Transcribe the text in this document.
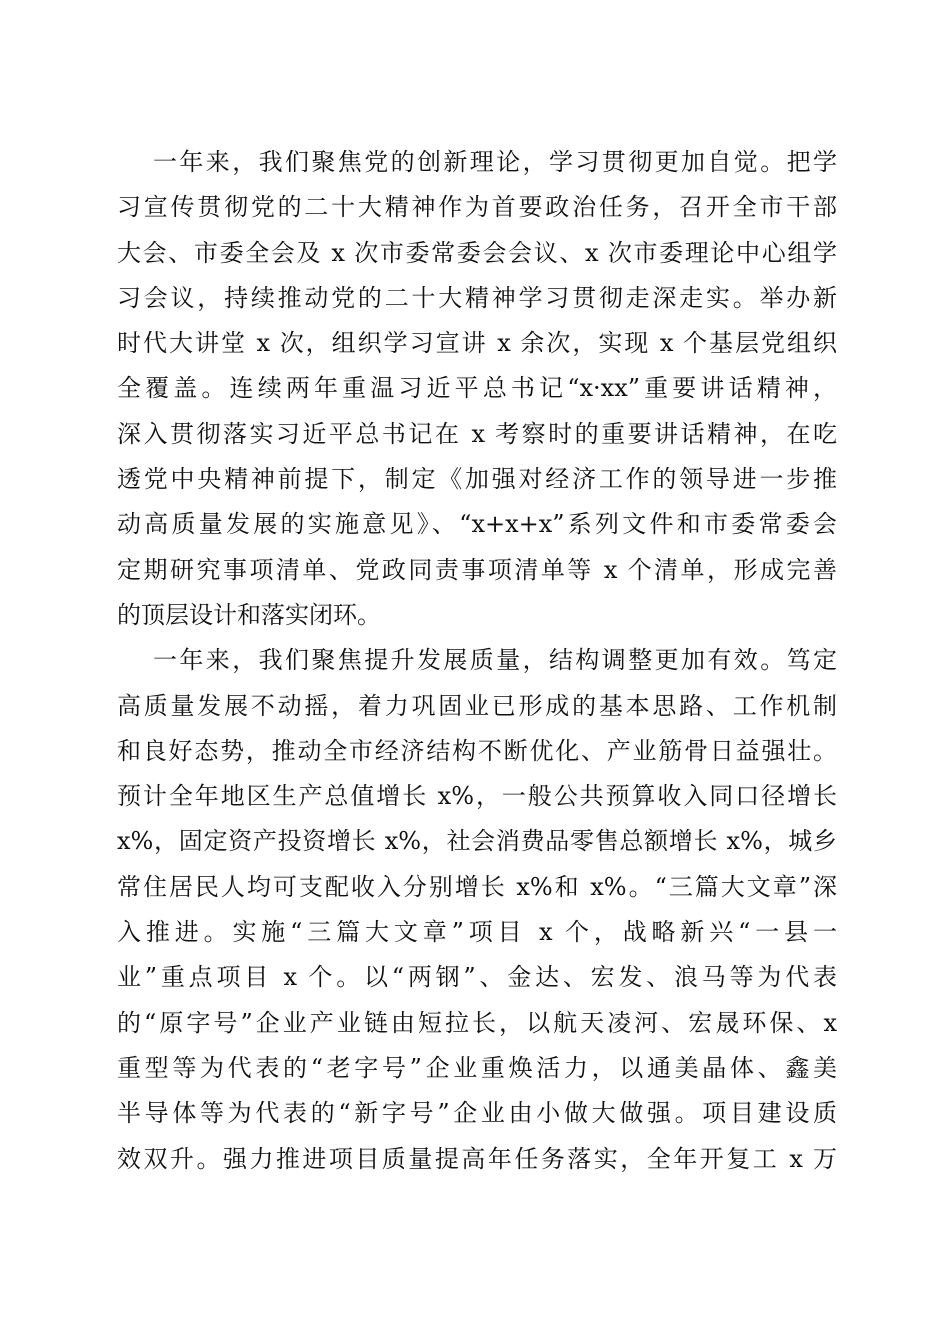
一年来，我们聚焦党的创新理论，学习贯彻更加自觉。把学
习宣传贯彻党的二十大精神作为首要政治任务，召开全市干部
大会、市委全会及 x 次市委常委会会议、x 次市委理论中心组学
习会议，持续推动党的二十大精神学习贯彻走深走实。举办新
时代大讲堂 x 次，组织学习宣讲 x 余次，实现 x 个基层党组织
全覆盖。连续两年重温习近平总书记“x·xx”重要讲话精神，
深入贯彻落实习近平总书记在 x 考察时的重要讲话精神，在吃
透党中央精神前提下，制定《加强对经济工作的领导进一步推
动高质量发展的实施意见》、“x+x+x”系列文件和市委常委会
定期研究事项清单、党政同责事项清单等 x 个清单，形成完善
的顶层设计和落实闭环。
一年来，我们聚焦提升发展质量，结构调整更加有效。笃定
高质量发展不动摇，着力巩固业已形成的基本思路、工作机制
和良好态势，推动全市经济结构不断优化、产业筋骨日益强壮。
预计全年地区生产总值增长 x%，一般公共预算收入同口径增长
x%，固定资产投资增长 x%，社会消费品零售总额增长 x%，城乡
常住居民人均可支配收入分别增长 x%和 x%。“三篇大文章”深
入推进。实施“三篇大文章”项目 x 个，战略新兴“一县一
业”重点项目 x 个。以“两钢”、金达、宏发、浪马等为代表
的“原字号”企业产业链由短拉长，以航天凌河、宏晟环保、x
重型等为代表的“老字号”企业重焕活力，以通美晶体、鑫美
半导体等为代表的“新字号”企业由小做大做强。项目建设质
效双升。强力推进项目质量提高年任务落实，全年开复工 x 万
